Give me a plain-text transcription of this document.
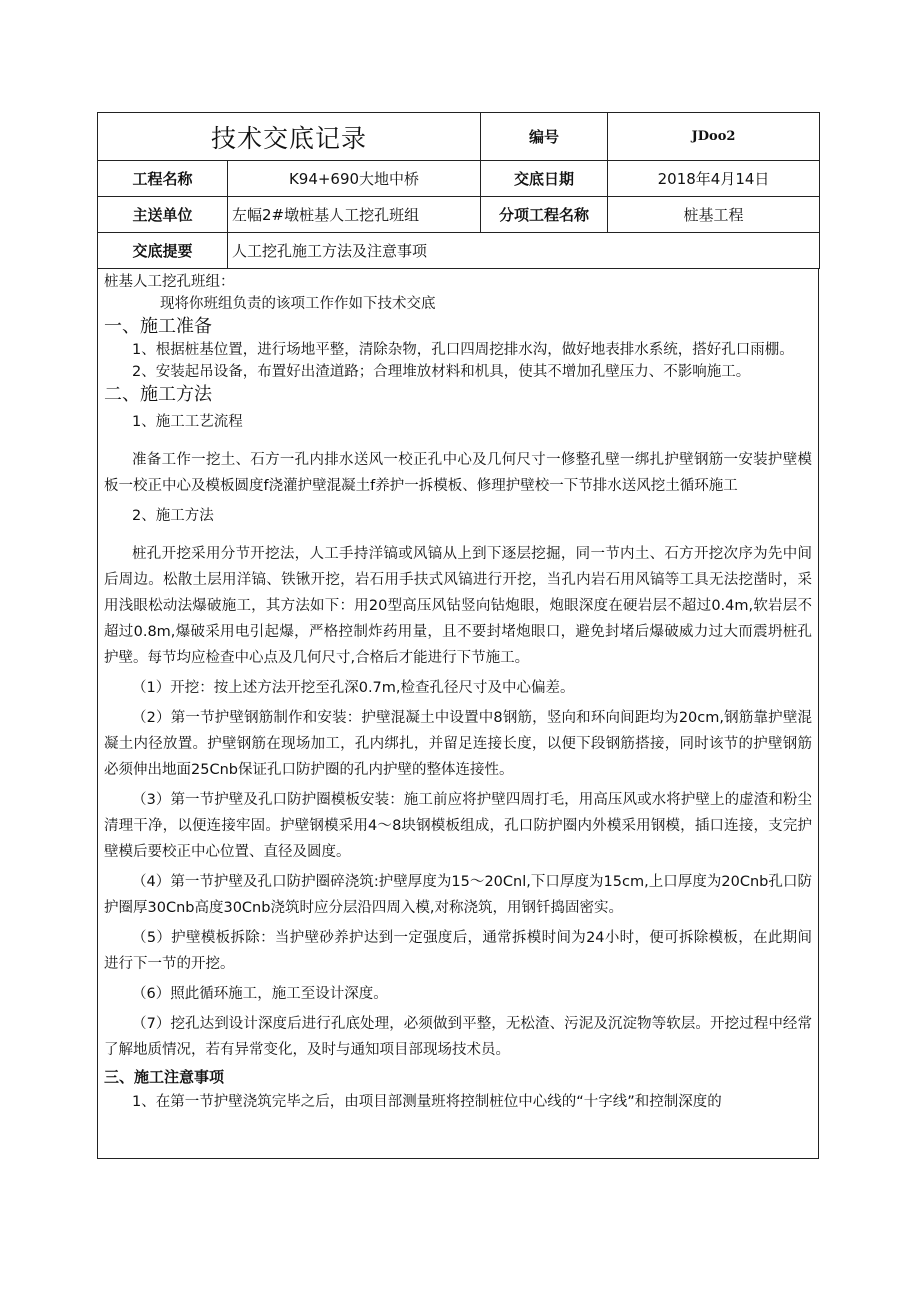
技术交底记录		编号	JDoo2
工程名称	K94+690大地中桥	交底日期	2018年4月14日
主送单位	左幅2#墩桩基人工挖孔班组	分项工程名称	桩基工程
交底提要	人工挖孔施工方法及注意事项		

桩基人工挖孔班组：

现将你班组负责的该项工作作如下技术交底

一、施工准备

1、根据桩基位置，进行场地平整，清除杂物，孔口四周挖排水沟，做好地表排水系统，搭好孔口雨棚。

2、安装起吊设备，布置好出渣道路；合理堆放材料和机具，使其不增加孔壁压力、不影响施工。

二、施工方法

1、施工工艺流程

准备工作一挖土、石方一孔内排水送风一校正孔中心及几何尺寸一修整孔壁一绑扎护壁钢筋一安装护壁模板一校正中心及模板圆度f浇灌护壁混凝土f养护一拆模板、修理护壁校一下节排水送风挖土循环施工

2、施工方法

桩孔开挖采用分节开挖法，人工手持洋镐或风镐从上到下逐层挖掘，同一节内土、石方开挖次序为先中间后周边。松散土层用洋镐、铁锹开挖，岩石用手扶式风镐进行开挖，当孔内岩石用风镐等工具无法挖凿时，采用浅眼松动法爆破施工，其方法如下：用20型高压风钻竖向钻炮眼，炮眼深度在硬岩层不超过0.4m,软岩层不超过0.8m,爆破采用电引起爆，严格控制炸药用量，且不要封堵炮眼口，避免封堵后爆破威力过大而震坍桩孔护壁。每节均应检查中心点及几何尺寸,合格后才能进行下节施工。

（1）开挖：按上述方法开挖至孔深0.7m,检查孔径尺寸及中心偏差。

（2）第一节护壁钢筋制作和安装：护壁混凝土中设置中8钢筋，竖向和环向间距均为20cm,钢筋靠护壁混凝土内径放置。护壁钢筋在现场加工，孔内绑扎，并留足连接长度，以便下段钢筋搭接，同时该节的护壁钢筋必须伸出地面25Cnb保证孔口防护圈的孔内护壁的整体连接性。

（3）第一节护壁及孔口防护圈模板安装：施工前应将护壁四周打毛，用高压风或水将护壁上的虚渣和粉尘清理干净，以便连接牢固。护壁钢模采用4～8块钢模板组成，孔口防护圈内外模采用钢模，插口连接，支完护壁模后要校正中心位置、直径及圆度。

（4）第一节护壁及孔口防护圈碎浇筑:护壁厚度为15～20Cnl,下口厚度为15cm,上口厚度为20Cnb孔口防护圈厚30Cnb高度30Cnb浇筑时应分层沿四周入模,对称浇筑，用钢钎捣固密实。

（5）护壁模板拆除：当护壁砂养护达到一定强度后，通常拆模时间为24小时，便可拆除模板，在此期间进行下一节的开挖。

（6）照此循环施工，施工至设计深度。

（7）挖孔达到设计深度后进行孔底处理，必须做到平整，无松渣、污泥及沉淀物等软层。开挖过程中经常了解地质情况，若有异常变化，及时与通知项目部现场技术员。

三、施工注意事项

1、在第一节护壁浇筑完毕之后，由项目部测量班将控制桩位中心线的“十字线”和控制深度的
